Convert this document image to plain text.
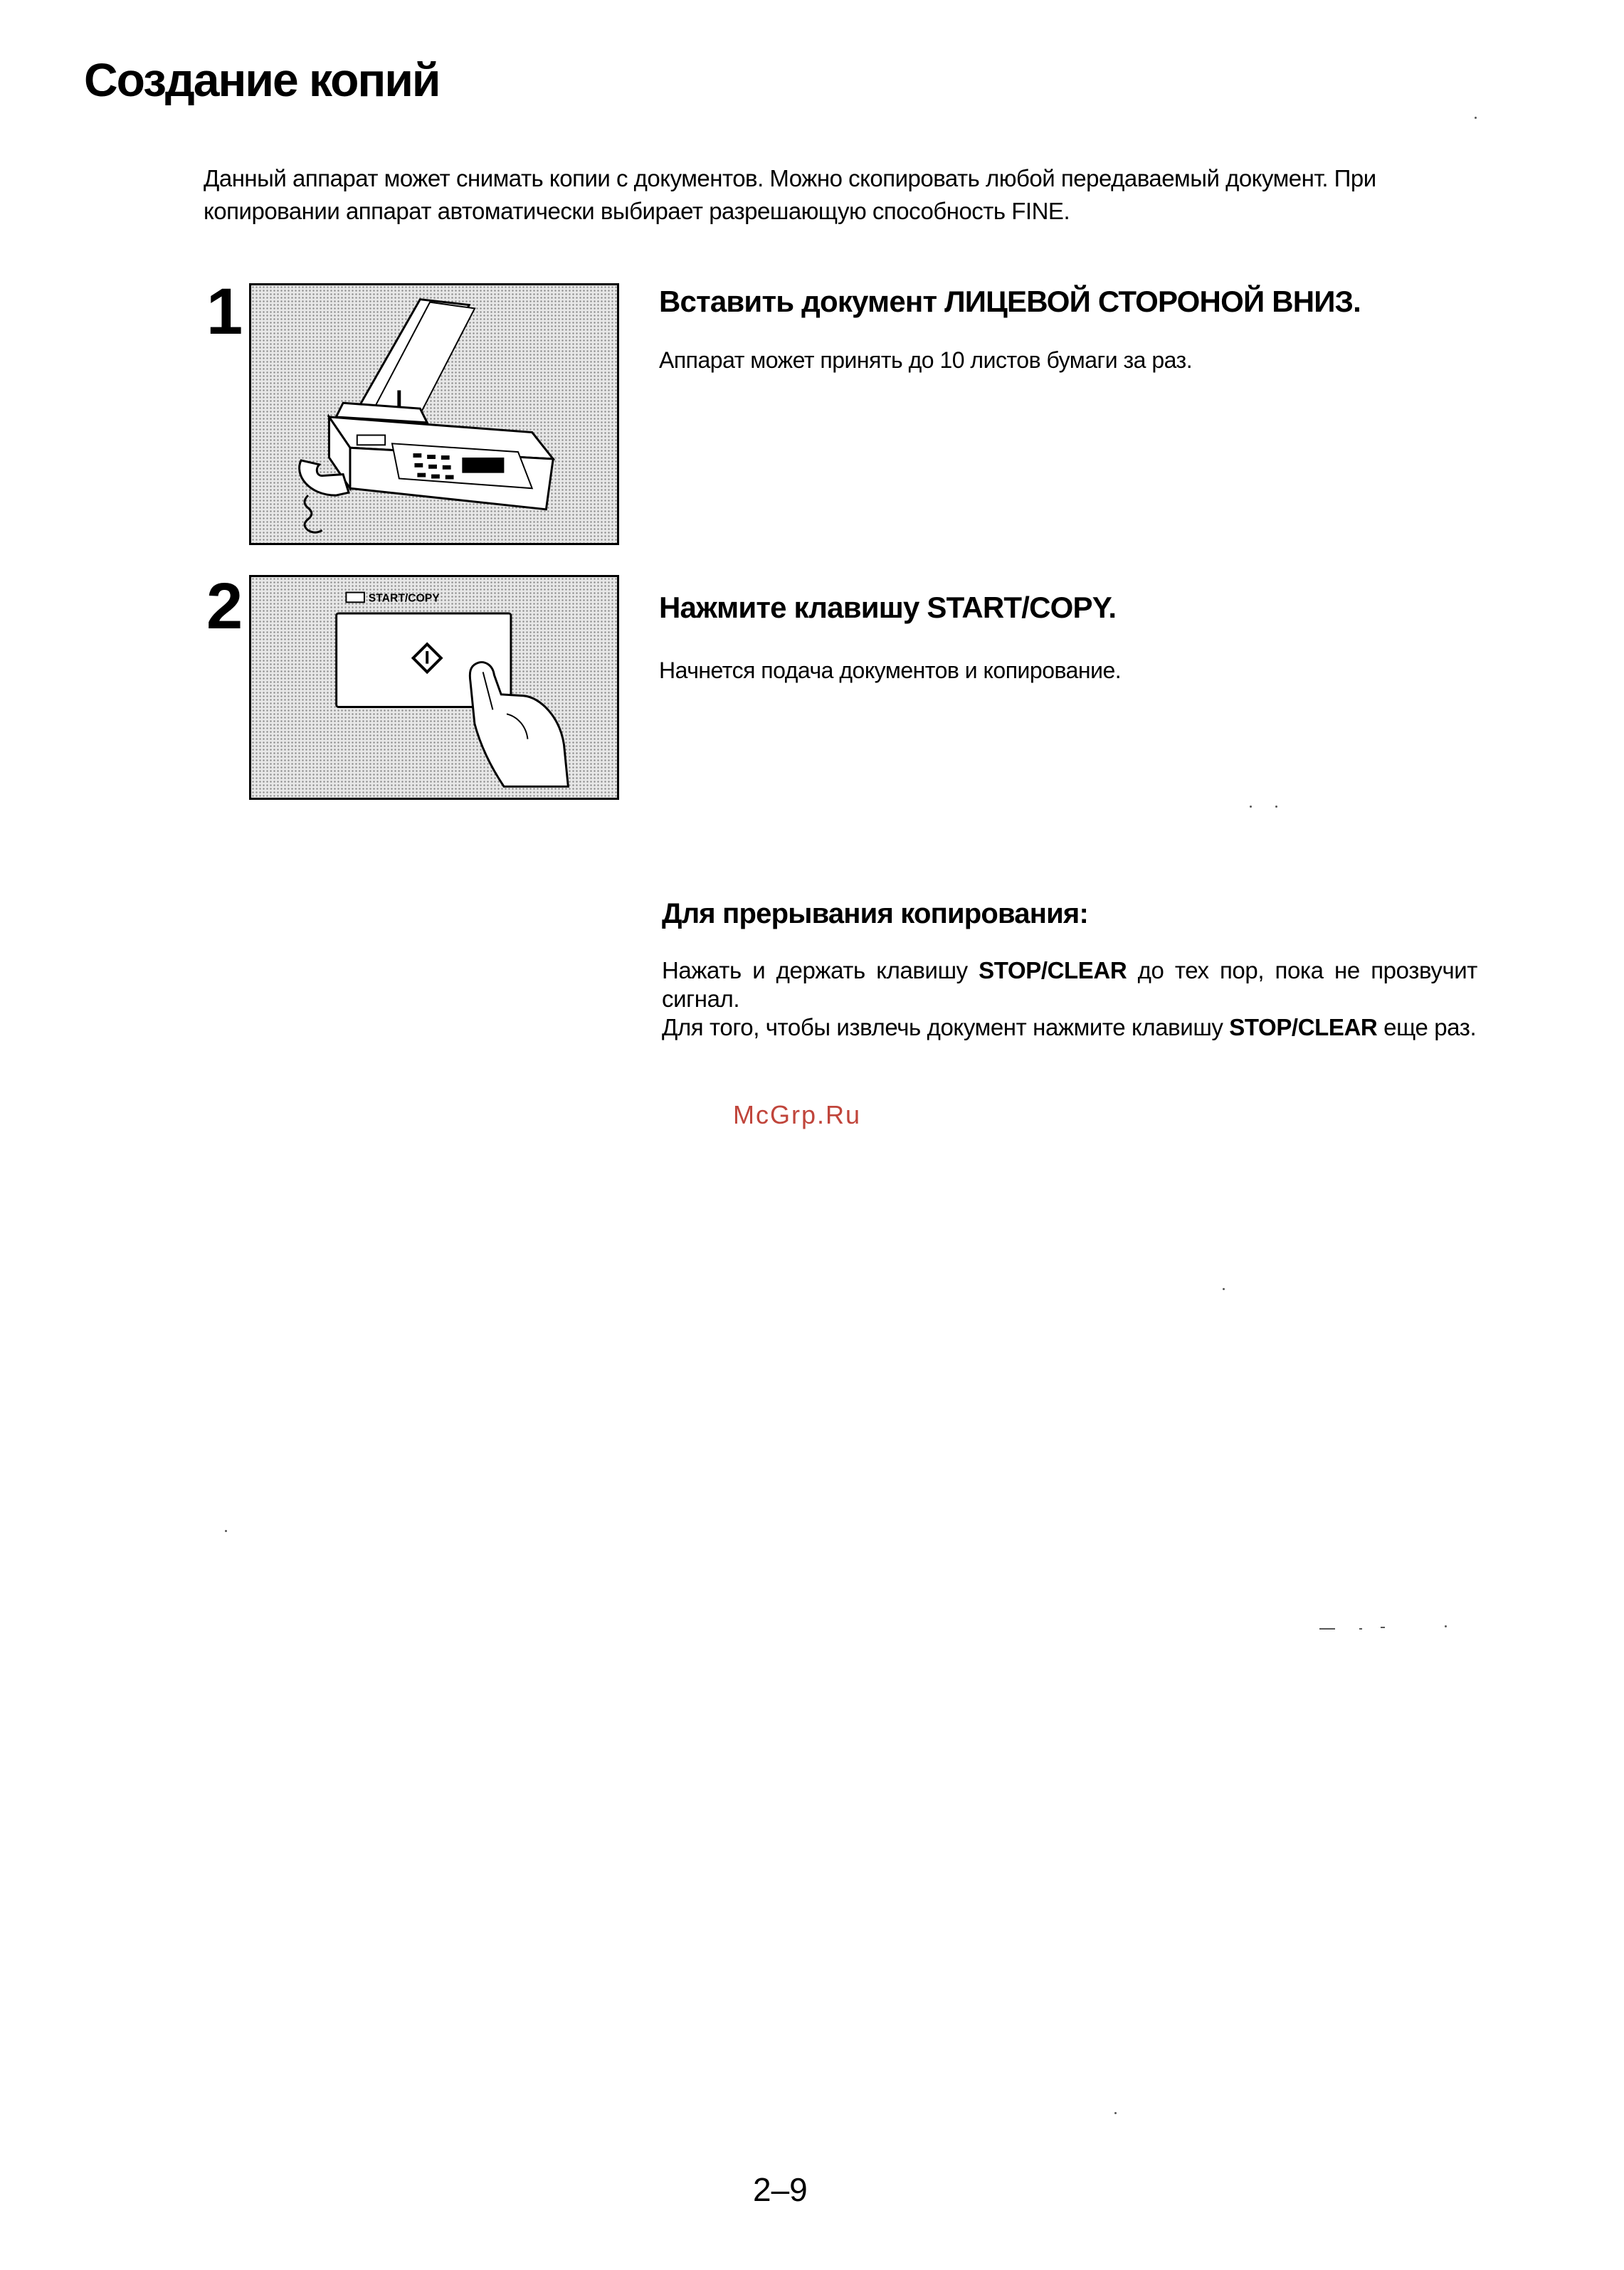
Создание копий

Данный аппарат может снимать копии с документов. Можно скопировать любой передаваемый документ. При копировании аппарат автоматически выбирает разрешающую способность FINE.

1	Вставить документ ЛИЦЕВОЙ СТОРОНОЙ ВНИЗ.

Аппарат может принять до 10 листов бумаги за раз.

2	START/COPY	Нажмите клавишу START/COPY.

Начнется подача документов и копирование.

Для прерывания копирования:

Нажать и держать клавишу STOP/CLEAR до тех пор, пока не прозвучит сигнал.
Для того, чтобы извлечь документ нажмите клавишу STOP/CLEAR еще раз.

McGrp.Ru
2–9
